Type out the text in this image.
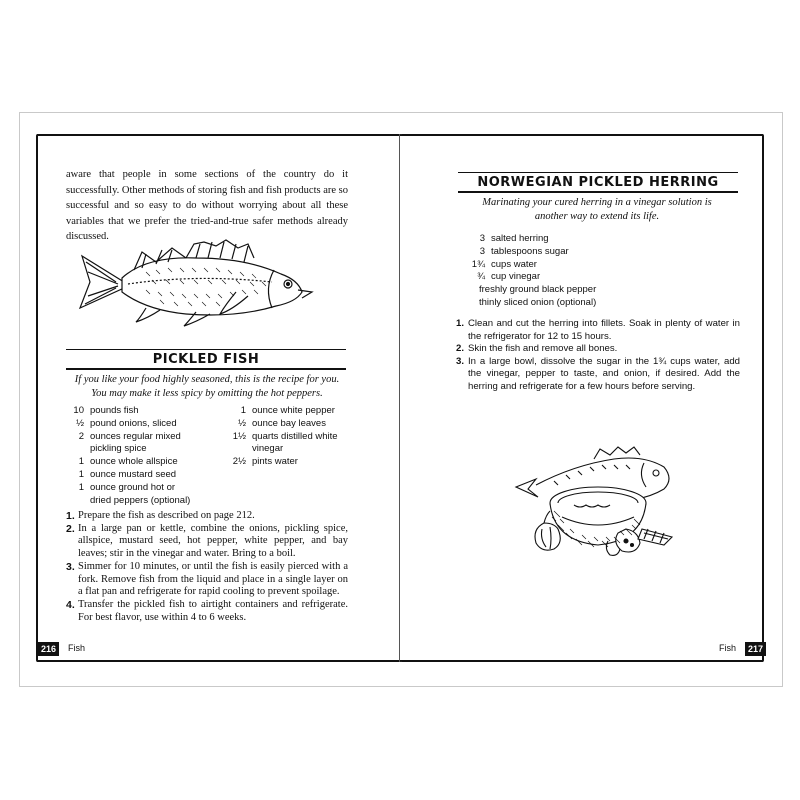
aware that people in some sections of the country do it successfully. Other methods of storing fish and fish products are so successful and so easy to do without worrying about all these variables that we prefer the tried-and-true safer methods already discussed.
PICKLED FISH
If you like your food highly seasoned, this is the recipe for you.
You may make it less spicy by omitting the hot peppers.
10 pounds fish
½ pound onions, sliced
2 ounces regular mixed
pickling spice
1 ounce whole allspice
1 ounce mustard seed
1 ounce ground hot or
dried peppers (optional)
1 ounce white pepper
½ ounce bay leaves
1½ quarts distilled white
vinegar
2½ pints water
1. Prepare the fish as described on page 212.
2. In a large pan or kettle, combine the onions, pickling spice, allspice, mustard seed, hot pepper, white pepper, and bay leaves; stir in the vinegar and water. Bring to a boil.
3. Simmer for 10 minutes, or until the fish is easily pierced with a fork. Remove fish from the liquid and place in a single layer on a flat pan and refrigerate for rapid cooling to prevent spoilage.
4. Transfer the pickled fish to airtight containers and refrigerate. For best flavor, use within 4 to 6 weeks.
216	Fish
NORWEGIAN PICKLED HERRING
Marinating your cured herring in a vinegar solution is
another way to extend its life.
3 salted herring
3 tablespoons sugar
1¾ cups water
¾ cup vinegar
freshly ground black pepper
thinly sliced onion (optional)
1. Clean and cut the herring into fillets. Soak in plenty of water in the refrigerator for 12 to 15 hours.
2. Skin the fish and remove all bones.
3. In a large bowl, dissolve the sugar in the 1¾ cups water, add the vinegar, pepper to taste, and onion, if desired. Add the herring and refrigerate for a few hours before serving.
Fish	217
